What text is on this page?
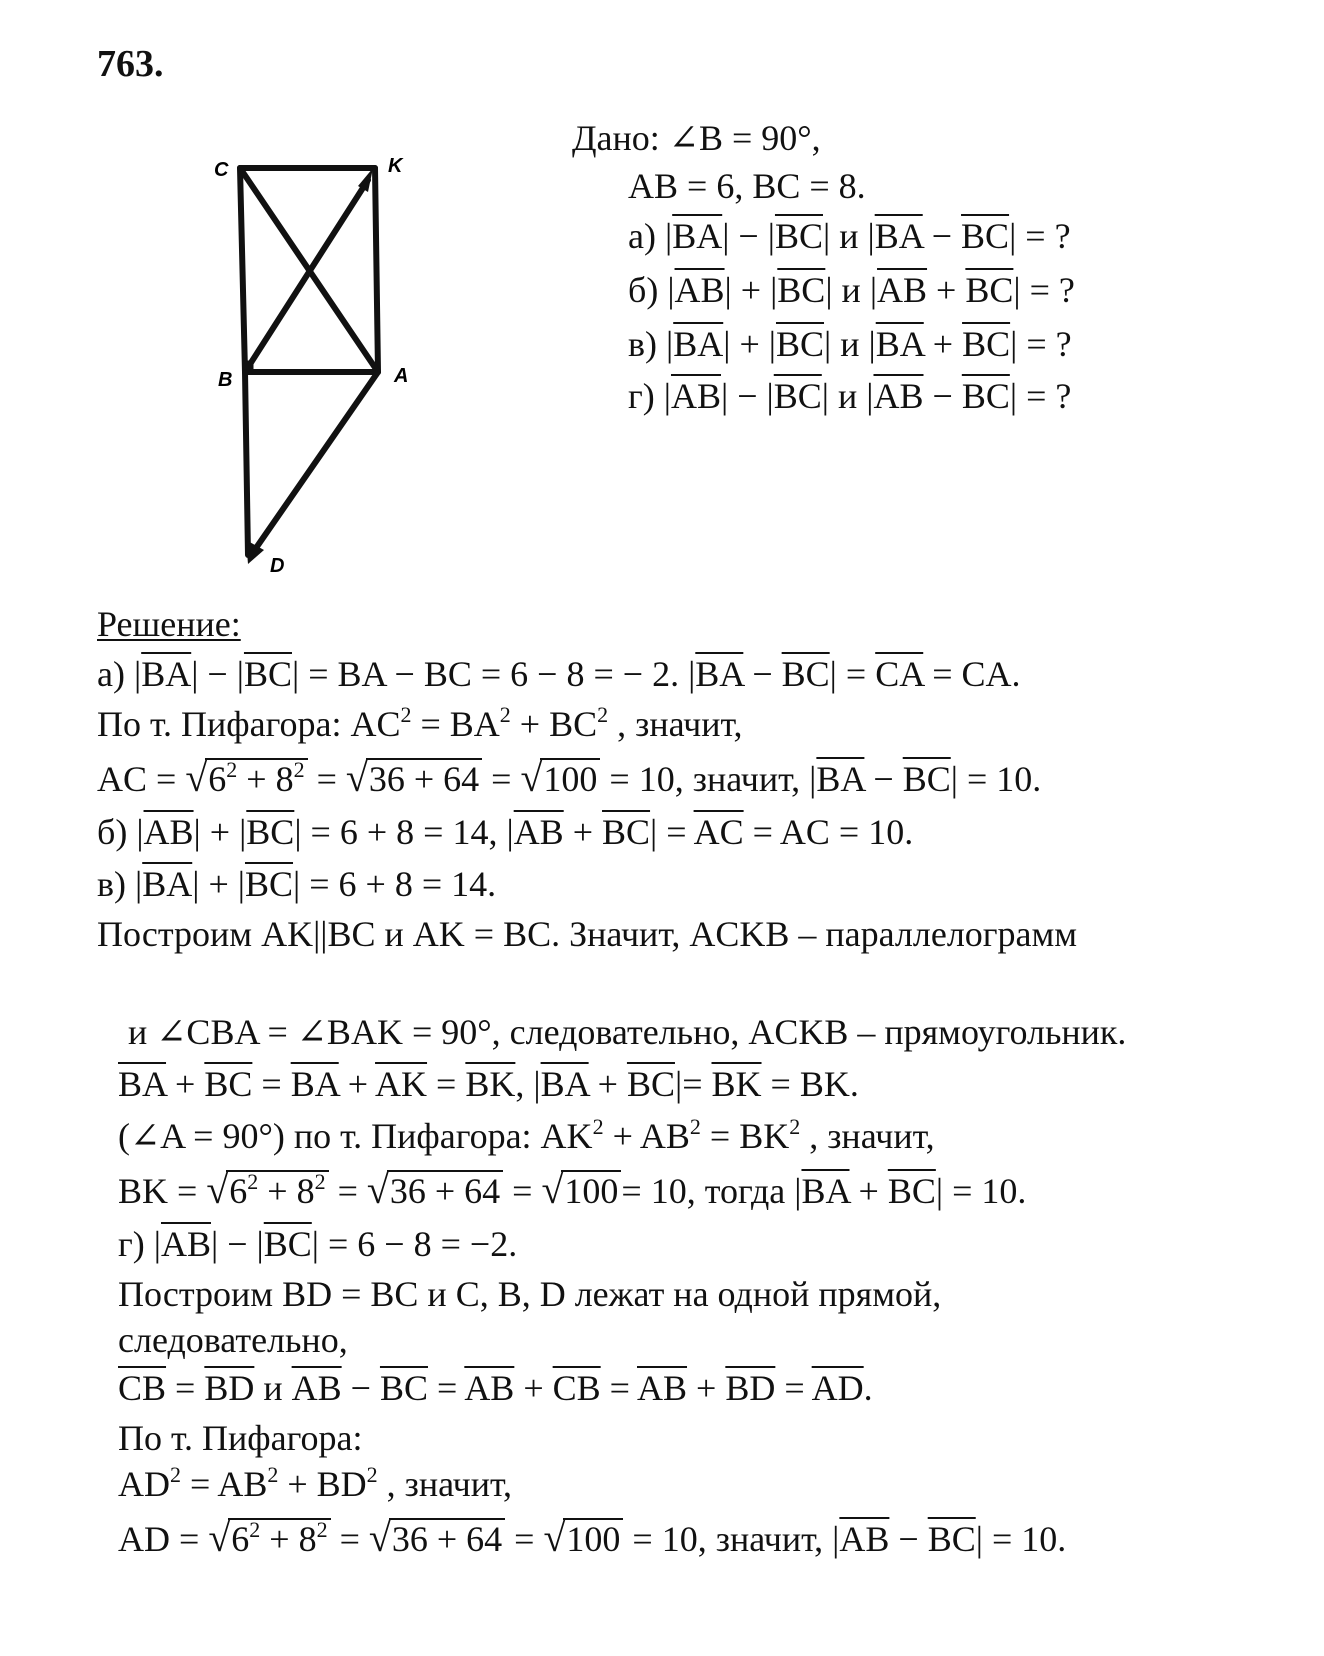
763.
C	K
B	A
D
Дано: ∠B = 90°,
AB = 6, BC = 8.
а) $|\overline{BA}| - |\overline{BC}|$ и $|\overline{BA} - \overline{BC}|$ = ?
б) $|\overline{AB}| + |\overline{BC}|$ и $|\overline{AB} + \overline{BC}|$ = ?
в) $|\overline{BA}| + |\overline{BC}|$ и $|\overline{BA} + \overline{BC}|$ = ?
г) $|\overline{AB}| - |\overline{BC}|$ и $|\overline{AB} - \overline{BC}|$ = ?
Решение:
а) $|\overline{BA}| - |\overline{BC}|$ = BA − BC = 6 − 8 = − 2. $|\overline{BA} - \overline{BC}| = \overline{CA}$ = CA.
По т. Пифагора: $AC^2 = BA^2 + BC^2$ , значит,
AC = $√6^2 + 8^2 = √36 + 64 = √100 = 10$, значит, $|\overline{BA} - \overline{BC}| = 10$.
б) $|\overline{AB}| + |\overline{BC}| = 6 + 8 = 14$, $|\overline{AB} + \overline{BC}| = \overline{AC}$ = AC = 10.
в) $|\overline{BA}| + |\overline{BC}| = 6 + 8 = 14$.
Построим AK||BC и AK = BC. Значит, ACKB – параллелограмм
и ∠CBA = ∠BAK = 90°, следовательно, ACKB – прямоугольник.
$\overline{BA} + \overline{BC} = \overline{BA} + \overline{AK} = \overline{BK}$, $|\overline{BA} + \overline{BC}|= \overline{BK}$ = BK.
(∠A = 90°) по т. Пифагора: $AK^2 + AB^2 = BK^2$ , значит,
BK = $√6^2 + 8^2 = √36 + 64 = √100= 10$, тогда $|\overline{BA} + \overline{BC}| = 10$.
г) $|\overline{AB}| - |\overline{BC}| = 6 - 8 = -2$.
Построим BD = BC и C, B, D лежат на одной прямой,
следовательно,
$\overline{CB} = \overline{BD}$ и $\overline{AB} - \overline{BC} = \overline{AB} + \overline{CB} = \overline{AB} + \overline{BD} = \overline{AD}$.
По т. Пифагора:
$AD^2 = AB^2 + BD^2$ , значит,
AD = $√6^2 + 8^2 = √36 + 64 = √100 = 10$, значит, $|\overline{AB} - \overline{BC}| = 10$.
